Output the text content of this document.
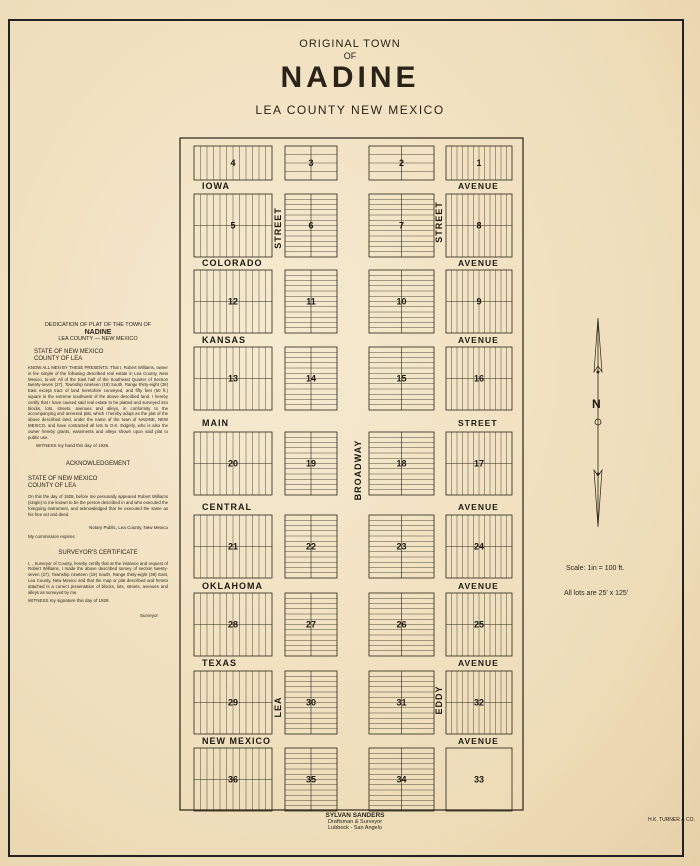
ORIGINAL TOWN
OF
NADINE
LEA COUNTY NEW MEXICO
4	3	2	1
5	6	7	8
12	11	10	9
13	14	15	16
20	19	18	17
21	22	23	24
28	27	26	25
29	30	31	32
36	35	34	33
IOWA	AVENUE
COLORADO	AVENUE
KANSAS	AVENUE
MAIN	STREET
CENTRAL	AVENUE
OKLAHOMA	AVENUE
TEXAS	AVENUE
NEW MEXICO	AVENUE
STREET	STREET
BROADWAY
LEA	EDDY
N
DEDICATION OF PLAT OF THE TOWN OF
NADINE
LEA COUNTY — NEW MEXICO
STATE OF NEW MEXICO
COUNTY OF LEA
KNOW ALL MEN BY THESE PRESENTS: That I, Robert Williams, owner in fee simple of the following described real estate in Lea County, New Mexico, to-wit: All of the East half of the Southeast Quarter of Section twenty-seven (27), Township nineteen (19) South, Range thirty-eight (38) East except tract of land heretofore conveyed, and fifty feet (50 ft.) square in the extreme southwest of the above described land. I hereby certify that I have caused said real estate to be platted and surveyed into blocks, lots, streets, avenues and alleys, in conformity to the accompanying and annexed plat, which I hereby adopt as the plat of the above described land, under the name of the town of NADINE, NEW MEXICO, and have contracted all lots to O.K. Edgerly, who is also the owner hereby grants, easements and alleys shown upon said plat to public use.
WITNESS my hand this day of 1928.
ACKNOWLEDGEMENT
STATE OF NEW MEXICO
COUNTY OF LEA
On this the day of 1928, before me personally appeared Robert Williams (single) to me known to be the person described in and who executed the foregoing instrument, and acknowledged that he executed the same as his free act and deed.
Notary Public, Lea County, New Mexico
My commission expires
SURVEYOR'S CERTIFICATE
I, , Surveyor of County, hereby certify that at the instance and request of Robert Williams, I made the above described survey of section twenty-seven (27), Township nineteen (19) South, Range thirty-eight (38) East, Lea County, New Mexico and that the map or plat described and hereto attached is a correct presentation of blocks, lots, streets, avenues and alleys as surveyed by me.
WITNESS my signature this day of 1928.
Surveyor
Scale: 1in = 100 ft.
All lots are 25' x 125'
SYLVAN SANDERS
Draftsman & Surveyor
Lubbock - San Angelo
H.K. TURNER & CO.
